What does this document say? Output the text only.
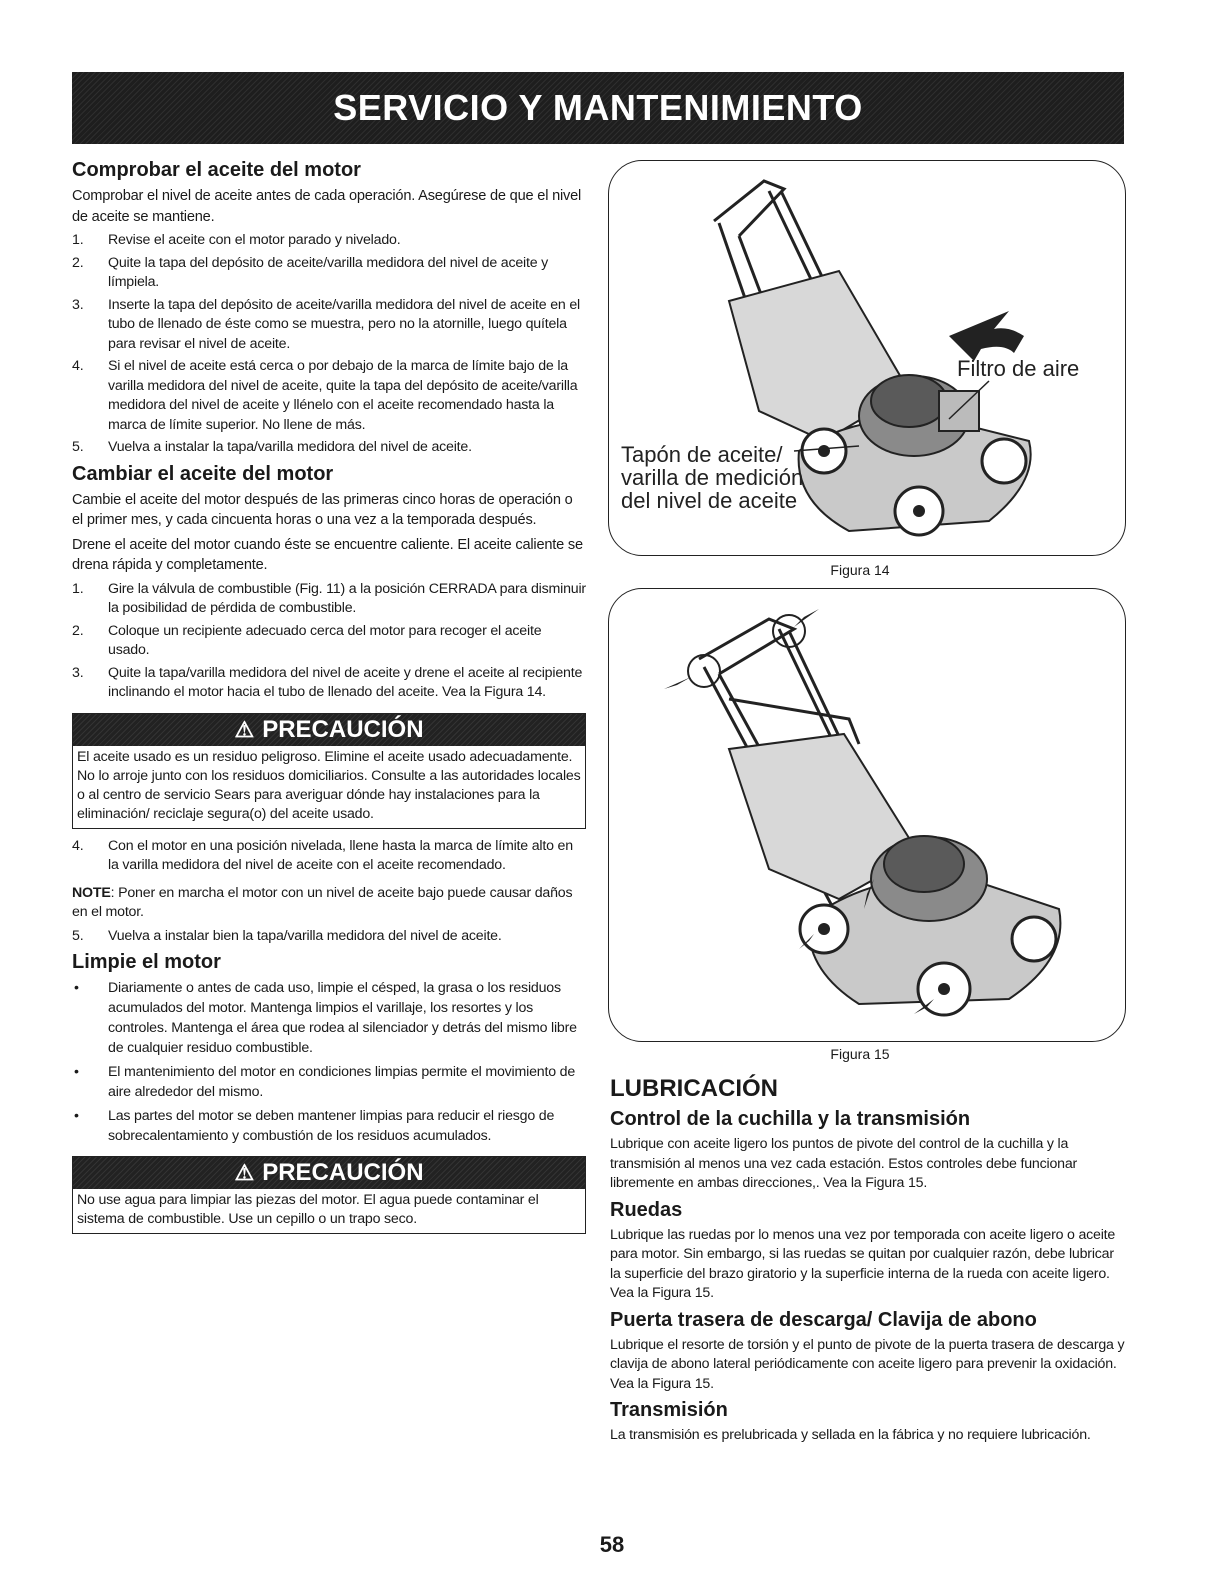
SERVICIO Y MANTENIMIENTO
Comprobar el aceite del motor

Comprobar el nivel de aceite antes de cada operación. Asegúrese de que el nivel de aceite se mantiene.

1. Revise el aceite con el motor parado y nivelado.
2. Quite la tapa del depósito de aceite/varilla medidora del nivel de aceite y límpiela.
3. Inserte la tapa del depósito de aceite/varilla medidora del nivel de aceite en el tubo de llenado de éste como se muestra, pero no la atornille, luego quítela para revisar el nivel de aceite.
4. Si el nivel de aceite está cerca o por debajo de la marca de límite bajo de la varilla medidora del nivel de aceite, quite la tapa del depósito de aceite/varilla medidora del nivel de aceite y llénelo con el aceite recomendado hasta la marca de límite superior. No llene de más.
5. Vuelva a instalar la tapa/varilla medidora del nivel de aceite.
Cambiar el aceite del motor

Cambie el aceite del motor después de las primeras cinco horas de operación o el primer mes, y cada cincuenta horas o una vez a la temporada después.

Drene el aceite del motor cuando éste se encuentre caliente. El aceite caliente se drena rápida y completamente.

1. Gire la válvula de combustible (Fig. 11) a la posición CERRADA para disminuir la posibilidad de pérdida de combustible.
2. Coloque un recipiente adecuado cerca del motor para recoger el aceite usado.
3. Quite la tapa/varilla medidora del nivel de aceite y drene el aceite al recipiente inclinando el motor hacia el tubo de llenado del aceite. Vea la Figura 14.
⚠ PRECAUCIÓN
El aceite usado es un residuo peligroso. Elimine el aceite usado adecuadamente. No lo arroje junto con los residuos domiciliarios. Consulte a las autoridades locales o al centro de servicio Sears para averiguar dónde hay instalaciones para la eliminación/ reciclaje segura(o) del aceite usado.
4. Con el motor en una posición nivelada, llene hasta la marca de límite alto en la varilla medidora del nivel de aceite con el aceite recomendado.

NOTE: Poner en marcha el motor con un nivel de aceite bajo puede causar daños en el motor.

5. Vuelva a instalar bien la tapa/varilla medidora del nivel de aceite.
Limpie el motor
• Diariamente o antes de cada uso, limpie el césped, la grasa o los residuos acumulados del motor. Mantenga limpios el varillaje, los resortes y los controles. Mantenga el área que rodea al silenciador y detrás del mismo libre de cualquier residuo combustible.
• El mantenimiento del motor en condiciones limpias permite el movimiento de aire alrededor del mismo.
• Las partes del motor se deben mantener limpias para reducir el riesgo de sobrecalentamiento y combustión de los residuos acumulados.
⚠ PRECAUCIÓN
No use agua para limpiar las piezas del motor. El agua puede contaminar el sistema de combustible. Use un cepillo o un trapo seco.
Filtro de aire
Tapón de aceite/
varilla de medición
del nivel de aceite
Figura 14
Figura 15
LUBRICACIÓN
Control de la cuchilla y la transmisión

Lubrique con aceite ligero los puntos de pivote del control de la cuchilla y la transmisión al menos una vez cada estación. Estos controles debe funcionar libremente en ambas direcciones,. Vea la Figura 15.

Ruedas

Lubrique las ruedas por lo menos una vez por temporada con aceite ligero o aceite para motor. Sin embargo, si las ruedas se quitan por cualquier razón, debe lubricar la superficie del brazo giratorio y la superficie interna de la rueda con aceite ligero. Vea la Figura 15.

Puerta trasera de descarga/ Clavija de abono

Lubrique el resorte de torsión y el punto de pivote de la puerta trasera de descarga y clavija de abono lateral periódicamente con aceite ligero para prevenir la oxidación. Vea la Figura 15.

Transmisión

La transmisión es prelubricada y sellada en la fábrica y no requiere lubricación.

58
